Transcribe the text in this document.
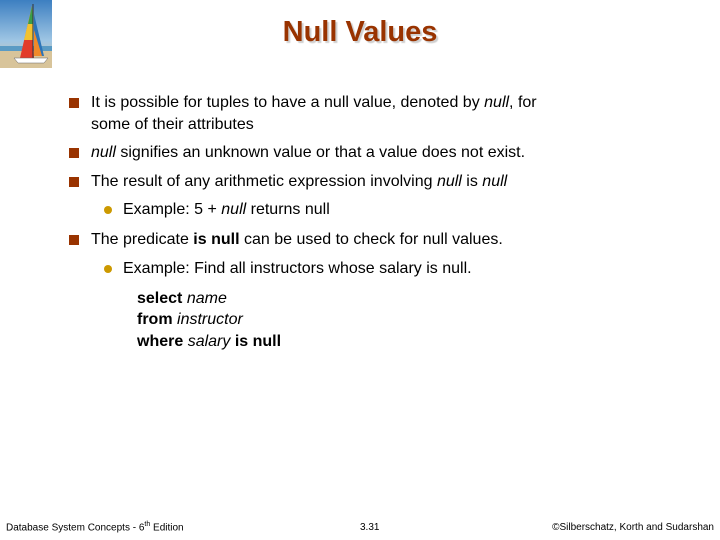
Null Values
It is possible for tuples to have a null value, denoted by null, for
some of their attributes
null signifies an unknown value or that a value does not exist.
The result of any arithmetic expression involving null is null
Example: 5 + null returns null
The predicate is null can be used to check for null values.
Example: Find all instructors whose salary is null.
select name
from instructor
where salary is null
Database System Concepts - 6th Edition	3.31	©Silberschatz, Korth and Sudarshan
